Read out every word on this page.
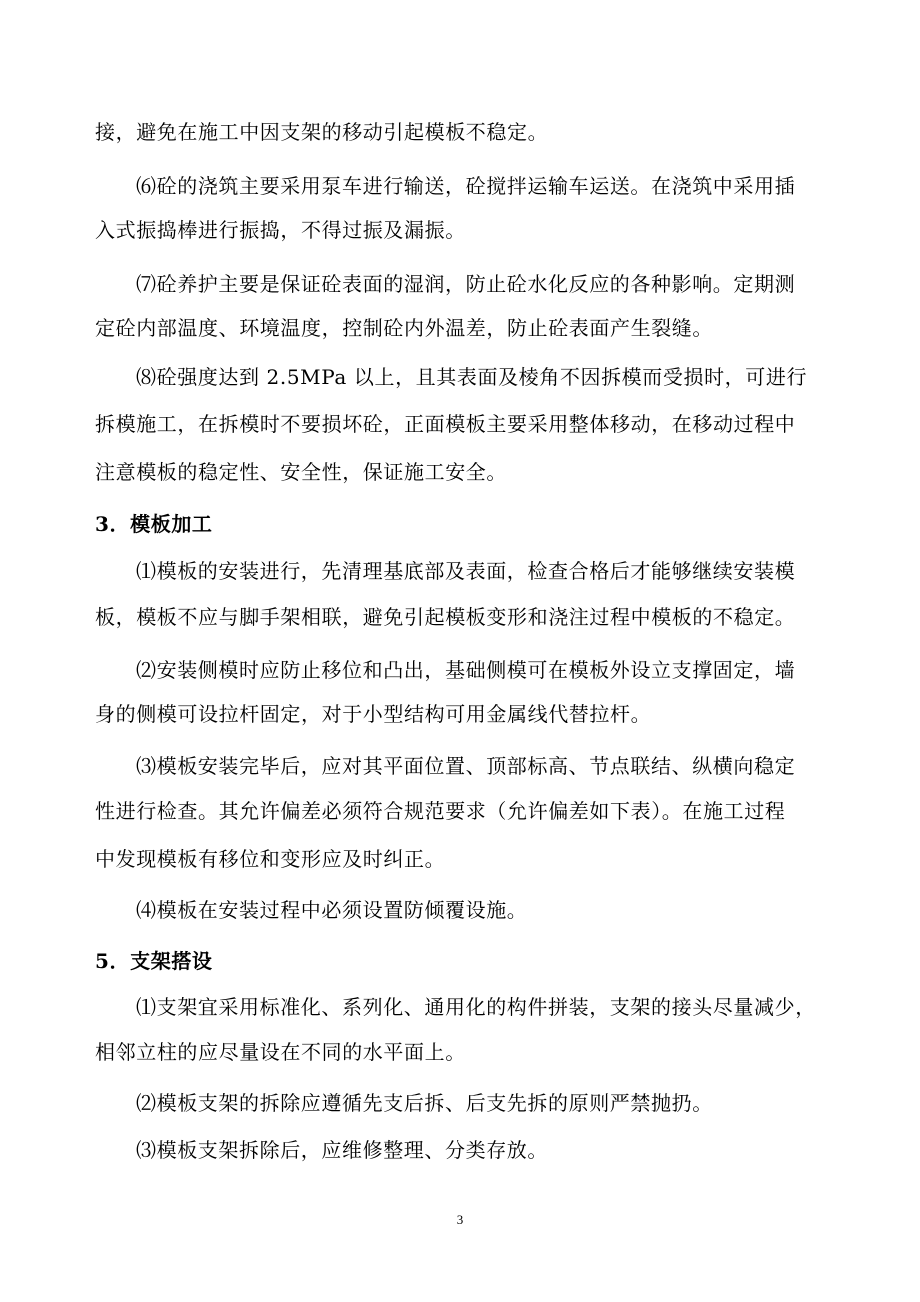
接，避免在施工中因支架的移动引起模板不稳定。
⑹砼的浇筑主要采用泵车进行输送，砼搅拌运输车运送。在浇筑中采用插
入式振捣棒进行振捣，不得过振及漏振。
⑺砼养护主要是保证砼表面的湿润，防止砼水化反应的各种影响。定期测
定砼内部温度、环境温度，控制砼内外温差，防止砼表面产生裂缝。
⑻砼强度达到 2.5MPa 以上，且其表面及棱角不因拆模而受损时，可进行
拆模施工，在拆模时不要损坏砼，正面模板主要采用整体移动，在移动过程中
注意模板的稳定性、安全性，保证施工安全。
3．模板加工
⑴模板的安装进行，先清理基底部及表面，检查合格后才能够继续安装模
板，模板不应与脚手架相联，避免引起模板变形和浇注过程中模板的不稳定。
⑵安装侧模时应防止移位和凸出，基础侧模可在模板外设立支撑固定，墙
身的侧模可设拉杆固定，对于小型结构可用金属线代替拉杆。
⑶模板安装完毕后，应对其平面位置、顶部标高、节点联结、纵横向稳定
性进行检查。其允许偏差必须符合规范要求（允许偏差如下表）。在施工过程
中发现模板有移位和变形应及时纠正。
⑷模板在安装过程中必须设置防倾覆设施。
5．支架搭设
⑴支架宜采用标准化、系列化、通用化的构件拼装，支架的接头尽量减少，
相邻立柱的应尽量设在不同的水平面上。
⑵模板支架的拆除应遵循先支后拆、后支先拆的原则严禁抛扔。
⑶模板支架拆除后，应维修整理、分类存放。
3
